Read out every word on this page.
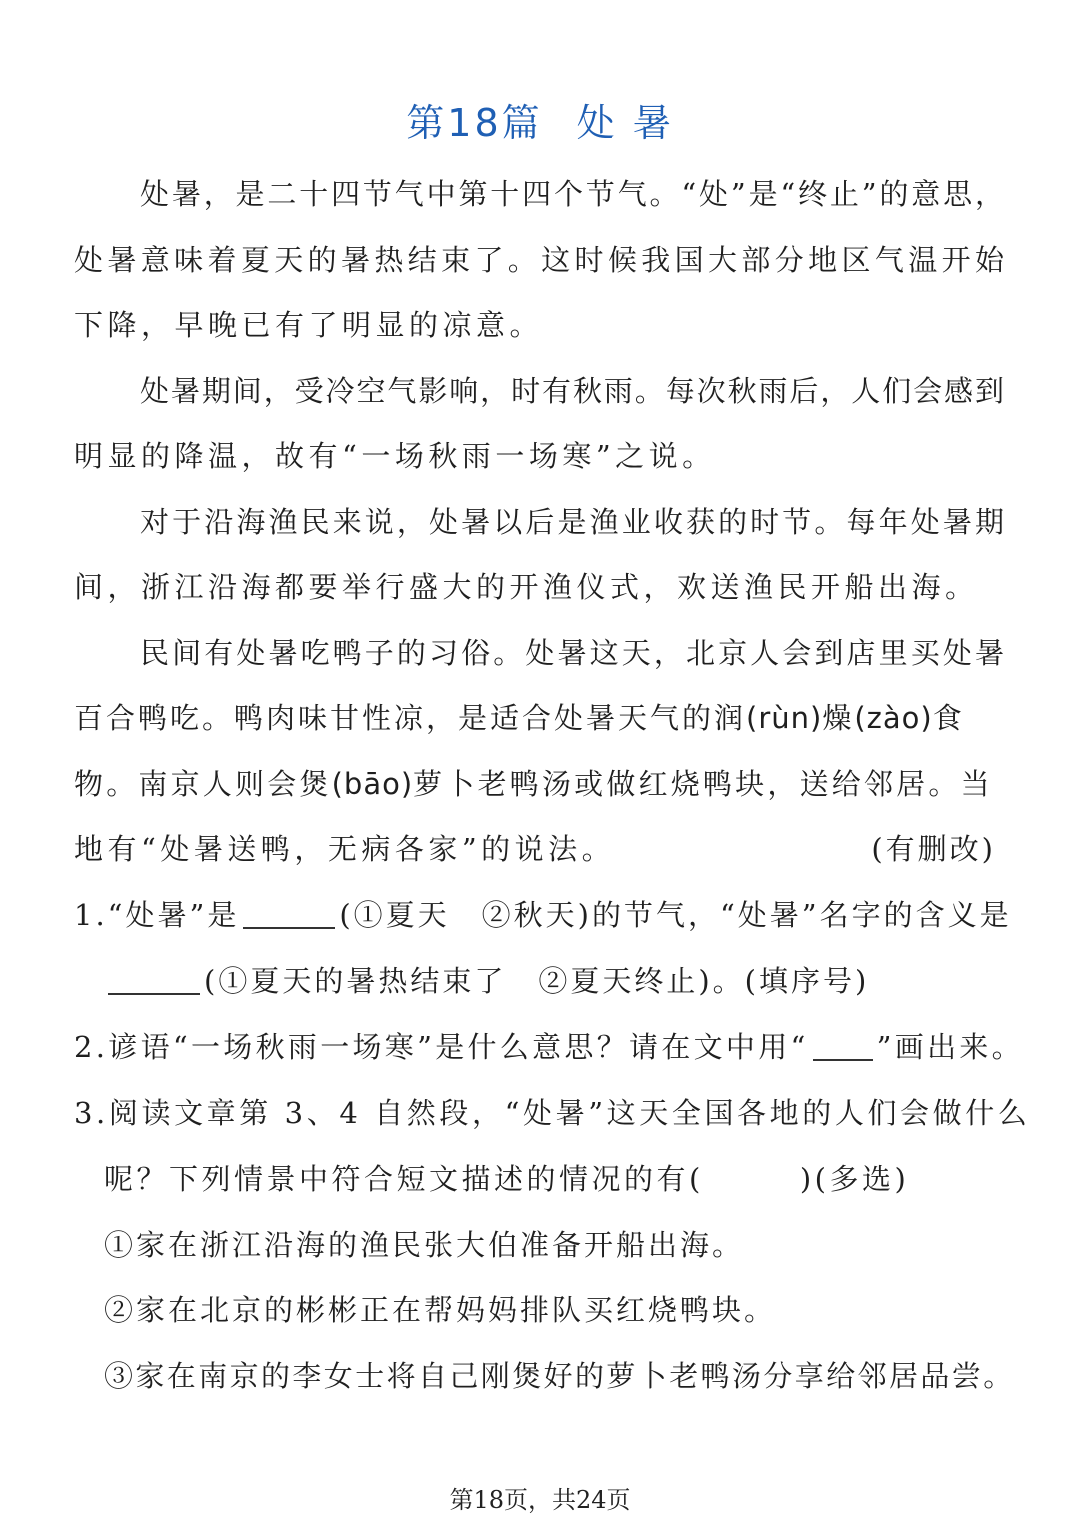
第18篇 处 暑
处暑，是二十四节气中第十四个节气。“处”是“终止”的意思，
处暑意味着夏天的暑热结束了。这时候我国大部分地区气温开始
下降，早晚已有了明显的凉意。
处暑期间，受冷空气影响，时有秋雨。每次秋雨后，人们会感到
明显的降温，故有“一场秋雨一场寒”之说。
对于沿海渔民来说，处暑以后是渔业收获的时节。每年处暑期
间，浙江沿海都要举行盛大的开渔仪式，欢送渔民开船出海。
民间有处暑吃鸭子的习俗。处暑这天，北京人会到店里买处暑
百合鸭吃。鸭肉味甘性凉，是适合处暑天气的润(rùn)燥(zào)食
物。南京人则会煲(bāo)萝卜老鸭汤或做红烧鸭块，送给邻居。当
地有“处暑送鸭，无病各家”的说法。	(有删改)
1.“处暑”是	(①夏天　②秋天)的节气，“处暑”名字的含义是
(①夏天的暑热结束了　②夏天终止)。(填序号)
2.谚语“一场秋雨一场寒”是什么意思？请在文中用“ ”画出来。
3.阅读文章第 3、4 自然段，“处暑”这天全国各地的人们会做什么
呢？下列情景中符合短文描述的情况的有(	)(多选)
①家在浙江沿海的渔民张大伯准备开船出海。
②家在北京的彬彬正在帮妈妈排队买红烧鸭块。
③家在南京的李女士将自己刚煲好的萝卜老鸭汤分享给邻居品尝。
第18页，共24页
